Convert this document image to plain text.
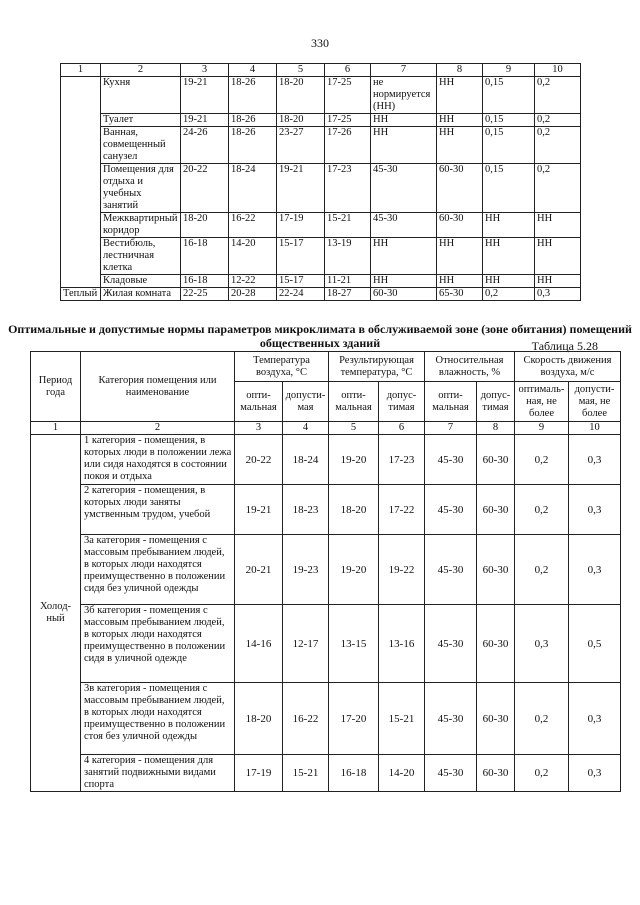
330
1	2	3	4	5	6	7	8	9	10
	Кухня	19-21	18-26	18-20	17-25	не нормируется (НН)	НН	0,15	0,2
	Туалет	19-21	18-26	18-20	17-25	НН	НН	0,15	0,2
	Ванная, совмещенный санузел	24-26	18-26	23-27	17-26	НН	НН	0,15	0,2
	Помещения для отдыха и учебных занятий	20-22	18-24	19-21	17-23	45-30	60-30	0,15	0,2
	Межквартирный коридор	18-20	16-22	17-19	15-21	45-30	60-30	НН	НН
	Вестибюль, лестничная клетка	16-18	14-20	15-17	13-19	НН	НН	НН	НН
	Кладовые	16-18	12-22	15-17	11-21	НН	НН	НН	НН
Теплый	Жилая комната	22-25	20-28	22-24	18-27	60-30	65-30	0,2	0,3
Оптимальные и допустимые нормы параметров микроклимата в обслуживаемой зоне (зоне обитания) помещений общественных зданий	Таблица 5.28
Период года	Категория помещения или наименование	Температура воздуха, °С		Результирующая температура, °С		Относительная влажность, %		Скорость движения воздуха, м/с	
		опти-мальная	допусти-мая	опти-мальная	допус-тимая	опти-мальная	допус-тимая	оптималь-ная, не более	допусти-мая, не более
1	2	3	4	5	6	7	8	9	10
Холод-ный	1 категория - помещения, в которых люди в положении лежа или сидя находятся в состоянии покоя и отдыха	20-22	18-24	19-20	17-23	45-30	60-30	0,2	0,3
	2 категория - помещения, в которых люди заняты умственным трудом, учебой	19-21	18-23	18-20	17-22	45-30	60-30	0,2	0,3
	3а категория - помещения с массовым пребыванием людей, в которых люди находятся преимущественно в положении сидя без уличной одежды	20-21	19-23	19-20	19-22	45-30	60-30	0,2	0,3
	3б категория - помещения с массовым пребыванием людей, в которых люди находятся преимущественно в положении сидя в уличной одежде	14-16	12-17	13-15	13-16	45-30	60-30	0,3	0,5
	3в категория - помещения с массовым пребыванием людей, в которых люди находятся преимущественно в положении стоя без уличной одежды	18-20	16-22	17-20	15-21	45-30	60-30	0,2	0,3
	4 категория - помещения для занятий подвижными видами спорта	17-19	15-21	16-18	14-20	45-30	60-30	0,2	0,3
